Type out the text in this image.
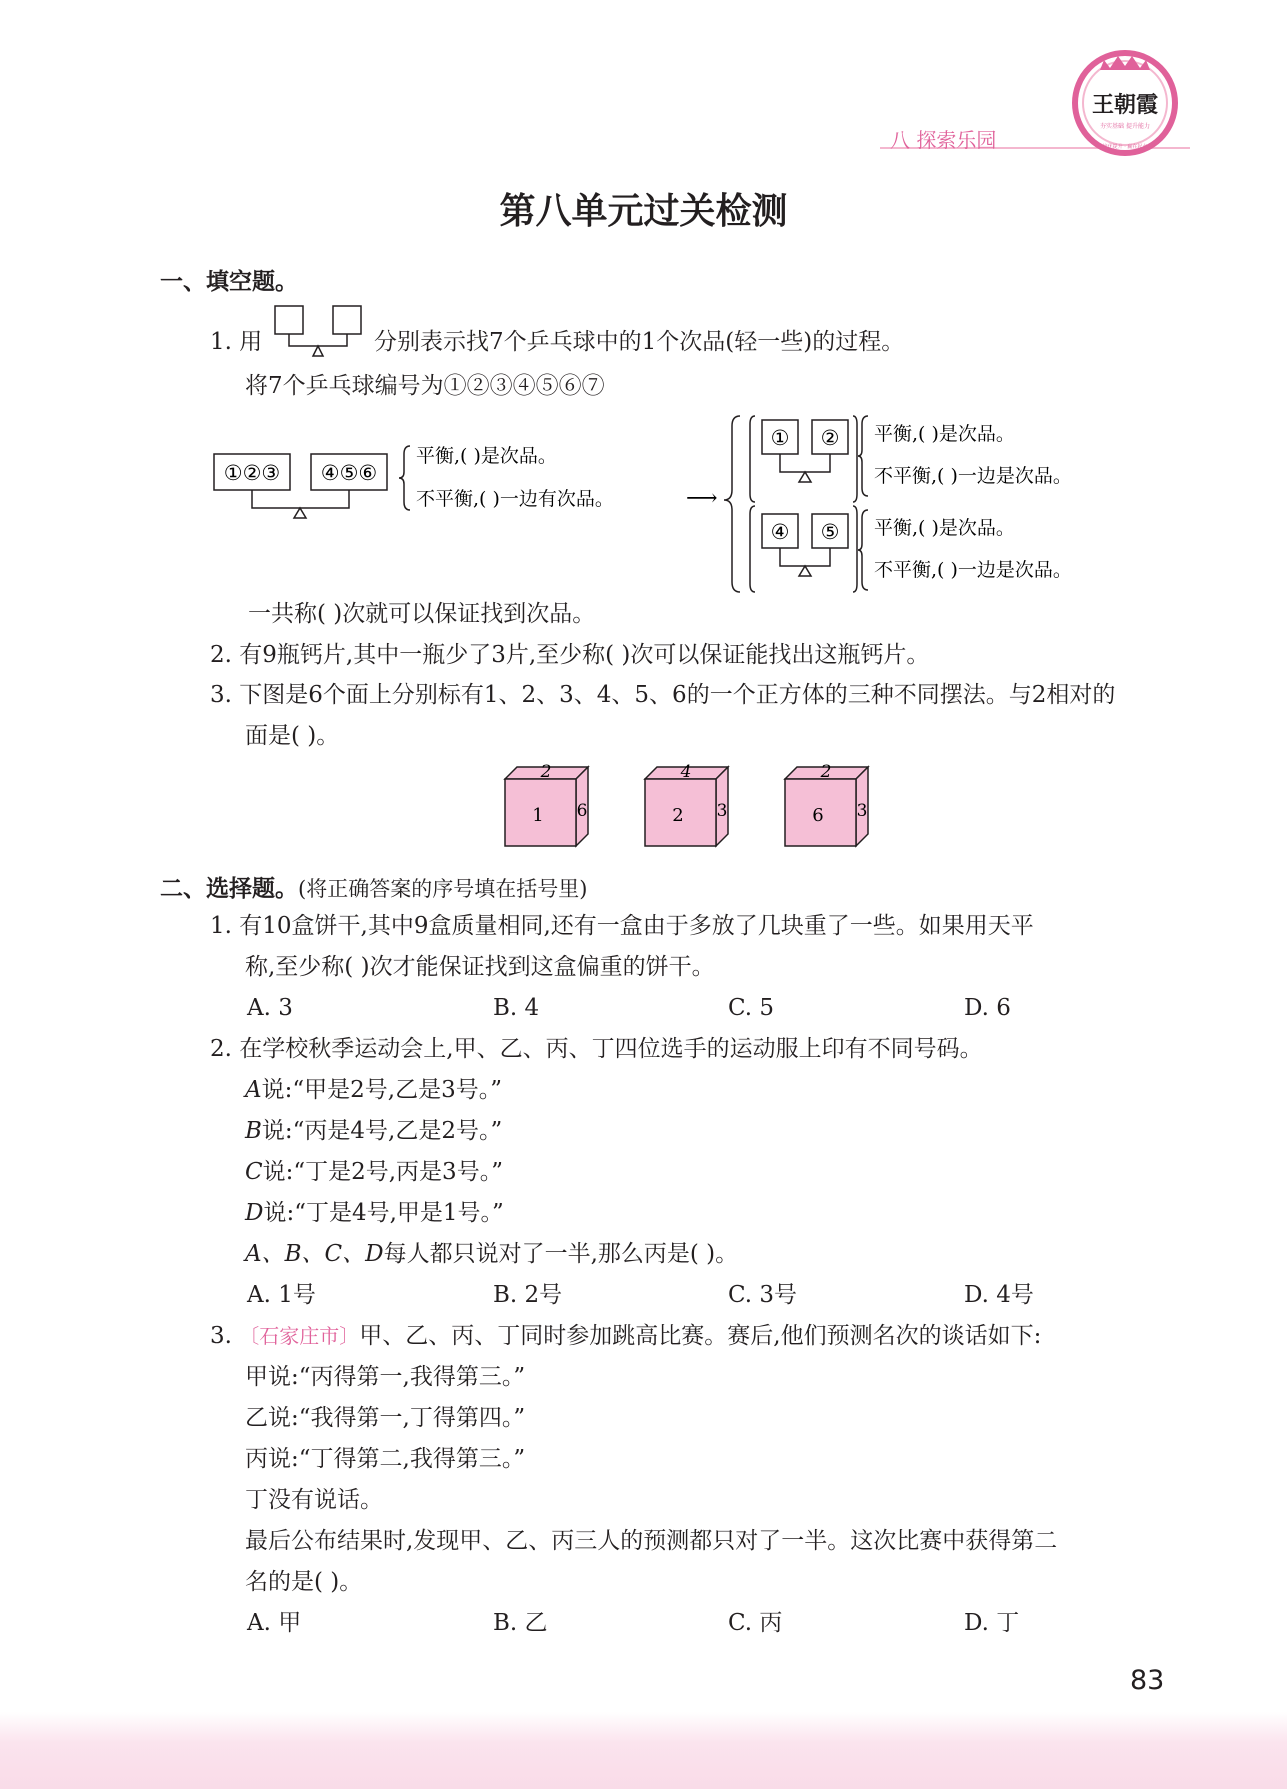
八 探索乐园
王朝霞
夯实基础 提升能力
培优提升 · 赢在起点
第八单元过关检测
一、填空题。
1. 用	分别表示找7个乒乓球中的1个次品(轻一些)的过程。
将7个乒乓球编号为①②③④⑤⑥⑦
①②③ ④⑤⑥
平衡,( )是次品。
不平衡,( )一边有次品。	⟶
① ② 平衡,( )是次品。
不平衡,( )一边是次品。
④ ⑤ 平衡,( )是次品。
不平衡,( )一边是次品。
一共称( )次就可以保证找到次品。
2. 有9瓶钙片,其中一瓶少了3片,至少称( )次可以保证能找出这瓶钙片。
3. 下图是6个面上分别标有1、2、3、4、5、6的一个正方体的三种不同摆法。与2相对的
面是( )。
2
1 6
4
2 3
2
6 3
二、选择题。(将正确答案的序号填在括号里)
1. 有10盒饼干,其中9盒质量相同,还有一盒由于多放了几块重了一些。如果用天平
称,至少称( )次才能保证找到这盒偏重的饼干。
A. 3	B. 4	C. 5	D. 6
2. 在学校秋季运动会上,甲、乙、丙、丁四位选手的运动服上印有不同号码。
A说:“甲是2号,乙是3号。”
B说:“丙是4号,乙是2号。”
C说:“丁是2号,丙是3号。”
D说:“丁是4号,甲是1号。”
A、B、C、D每人都只说对了一半,那么丙是( )。
A. 1号	B. 2号	C. 3号	D. 4号
3. 〔石家庄市〕甲、乙、丙、丁同时参加跳高比赛。赛后,他们预测名次的谈话如下:
甲说:“丙得第一,我得第三。”
乙说:“我得第一,丁得第四。”
丙说:“丁得第二,我得第三。”
丁没有说话。
最后公布结果时,发现甲、乙、丙三人的预测都只对了一半。这次比赛中获得第二
名的是( )。
A. 甲	B. 乙	C. 丙	D. 丁
83
